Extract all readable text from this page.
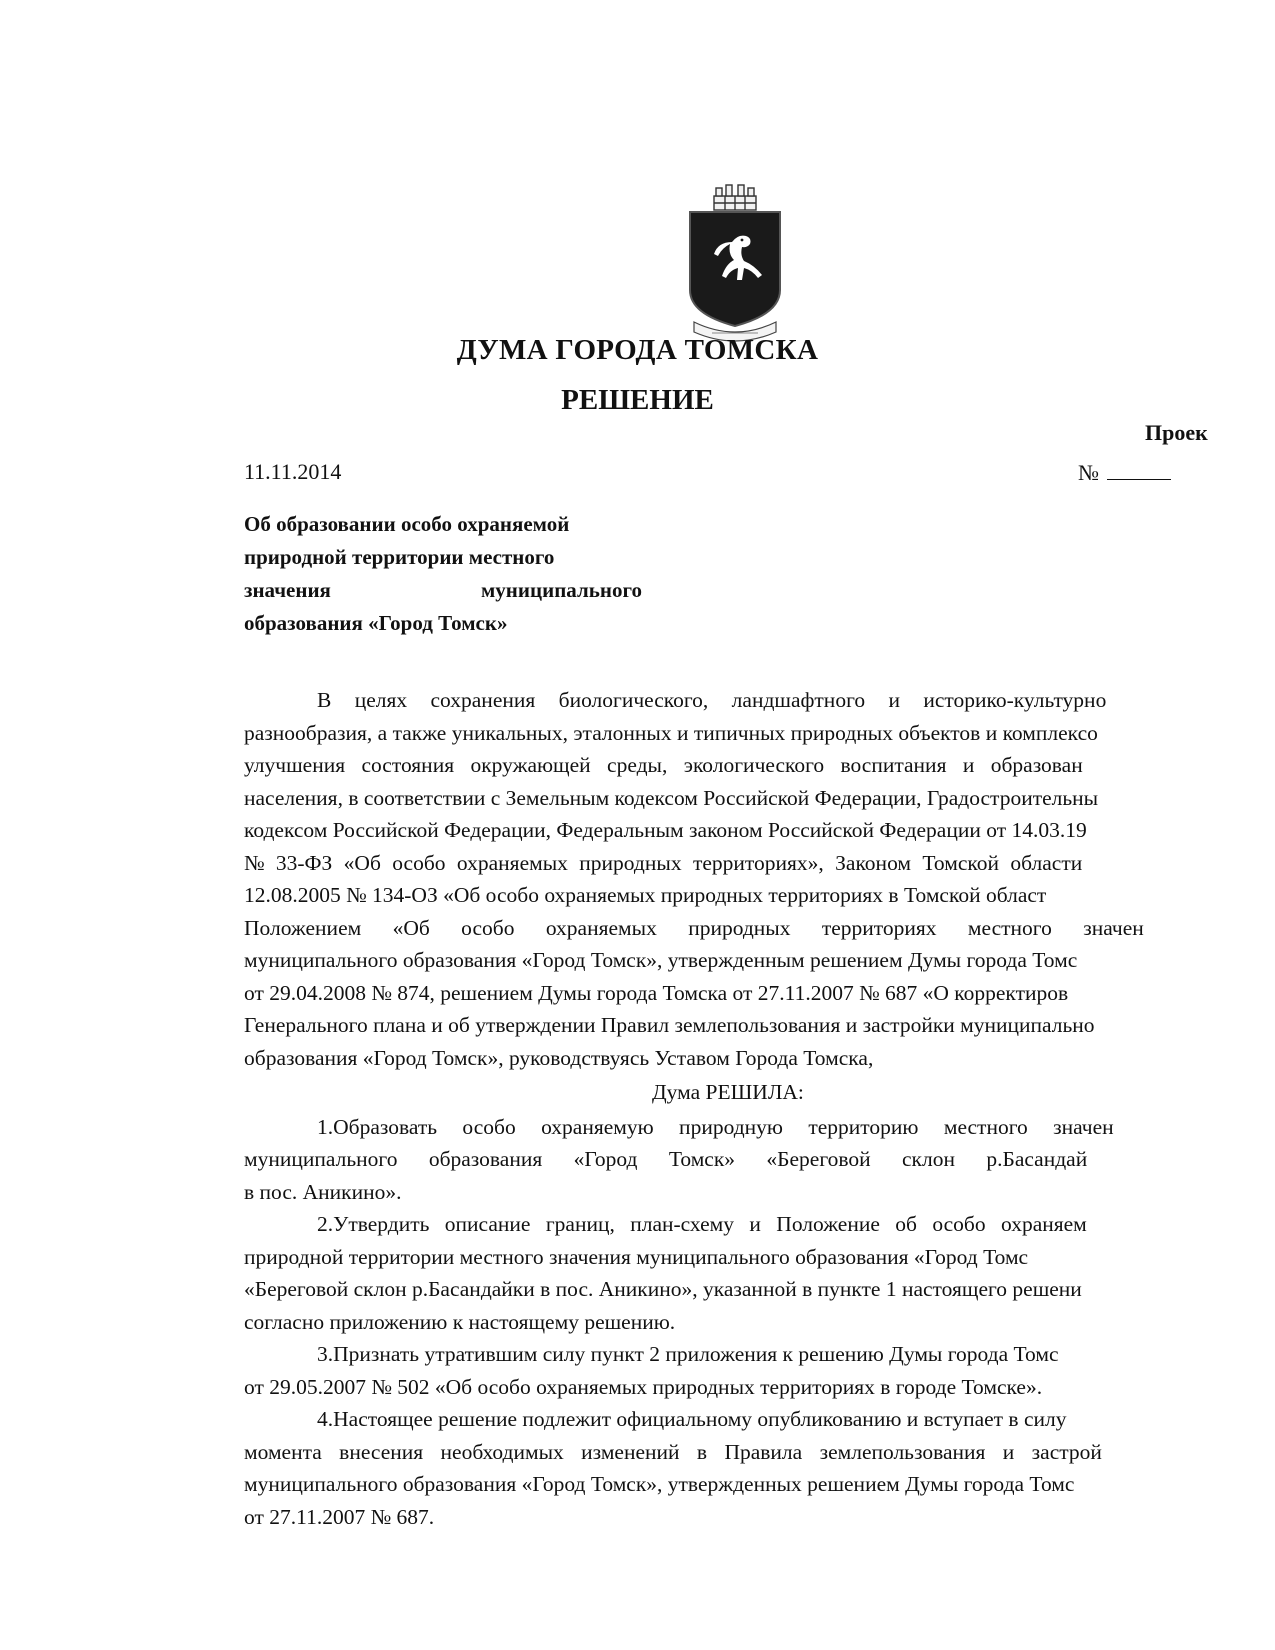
ДУМА ГОРОДА ТОМСКА
РЕШЕНИЕ
Проек
11.11.2014	№
Об образовании особо охраняемой
природной территории местного
значения муниципального
образования «Город Томск»
В целях сохранения биологического, ландшафтного и историко-культурно
разнообразия, а также уникальных, эталонных и типичных природных объектов и комплексо
улучшения состояния окружающей среды, экологического воспитания и образован
населения, в соответствии с Земельным кодексом Российской Федерации, Градостроительны
кодексом Российской Федерации, Федеральным законом Российской Федерации от 14.03.19
№ 33-ФЗ «Об особо охраняемых природных территориях», Законом Томской области
12.08.2005 № 134-ОЗ «Об особо охраняемых природных территориях в Томской област
Положением «Об особо охраняемых природных территориях местного значен
муниципального образования «Город Томск», утвержденным решением Думы города Томс
от 29.04.2008 № 874, решением Думы города Томска от 27.11.2007 № 687 «О корректиров
Генерального плана и об утверждении Правил землепользования и застройки муниципально
образования «Город Томск», руководствуясь Уставом Города Томска,
Дума РЕШИЛА:
1.Образовать особо охраняемую природную территорию местного значен
муниципального образования «Город Томск» «Береговой склон р.Басандай
в пос. Аникино».
2.Утвердить описание границ, план-схему и Положение об особо охраняем
природной территории местного значения муниципального образования «Город Томс
«Береговой склон р.Басандайки в пос. Аникино», указанной в пункте 1 настоящего решени
согласно приложению к настоящему решению.
3.Признать утратившим силу пункт 2 приложения к решению Думы города Томс
от 29.05.2007 № 502 «Об особо охраняемых природных территориях в городе Томске».
4.Настоящее решение подлежит официальному опубликованию и вступает в силу
момента внесения необходимых изменений в Правила землепользования и застрой
муниципального образования «Город Томск», утвержденных решением Думы города Томс
от 27.11.2007 № 687.
